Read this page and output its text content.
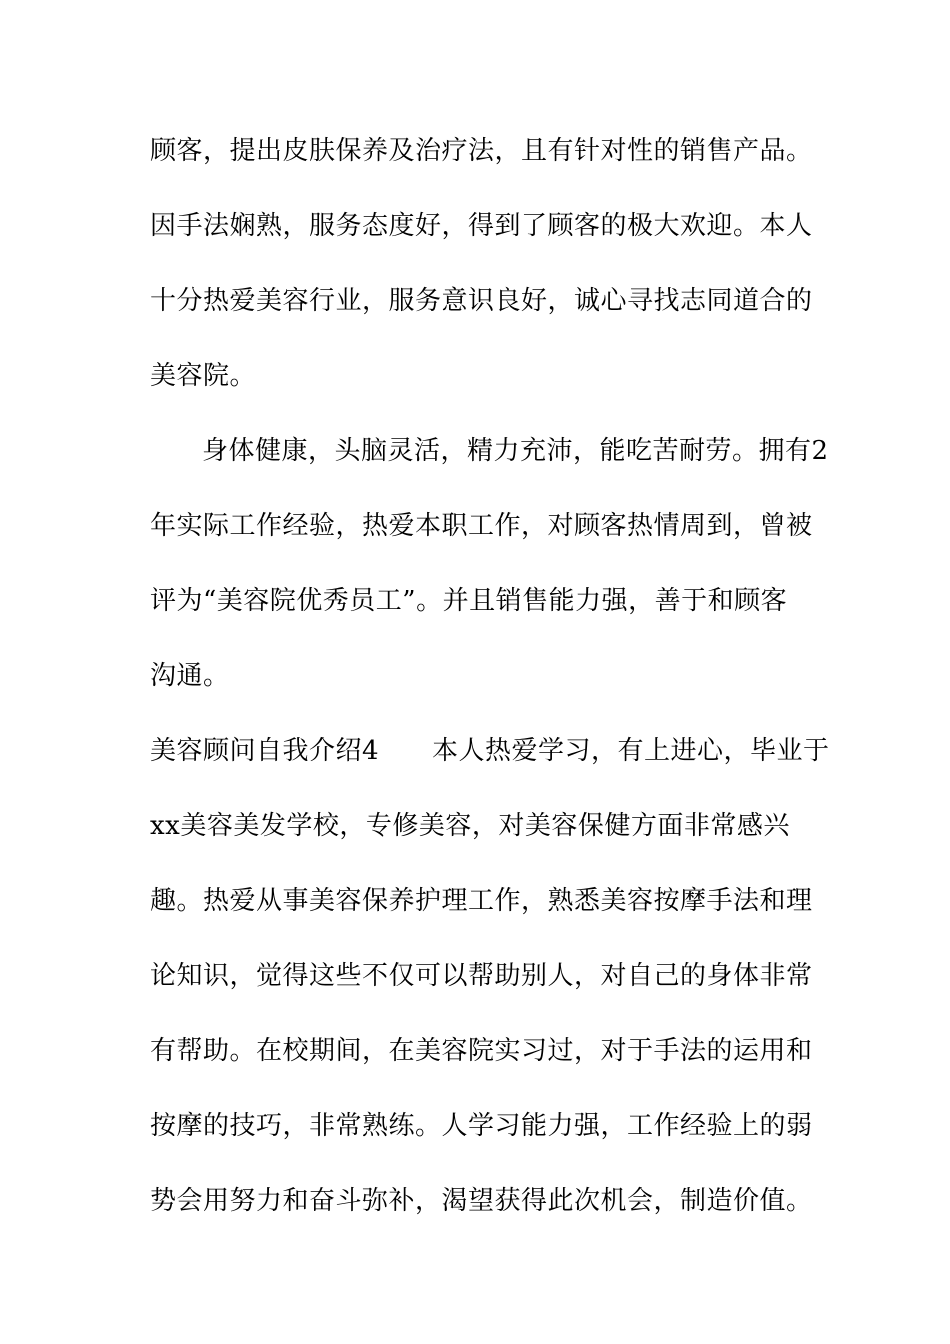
顾客，提出皮肤保养及治疗法，且有针对性的销售产品。
因手法娴熟，服务态度好，得到了顾客的极大欢迎。本人
十分热爱美容行业，服务意识良好，诚心寻找志同道合的
美容院。
身体健康，头脑灵活，精力充沛，能吃苦耐劳。拥有2
年实际工作经验，热爱本职工作，对顾客热情周到，曾被
评为“美容院优秀员工”。并且销售能力强，善于和顾客
沟通。
美容顾问自我介绍4　　本人热爱学习，有上进心，毕业于
xx美容美发学校，专修美容，对美容保健方面非常感兴
趣。热爱从事美容保养护理工作，熟悉美容按摩手法和理
论知识，觉得这些不仅可以帮助别人，对自己的身体非常
有帮助。在校期间，在美容院实习过，对于手法的运用和
按摩的技巧，非常熟练。人学习能力强，工作经验上的弱
势会用努力和奋斗弥补，渴望获得此次机会，制造价值。
